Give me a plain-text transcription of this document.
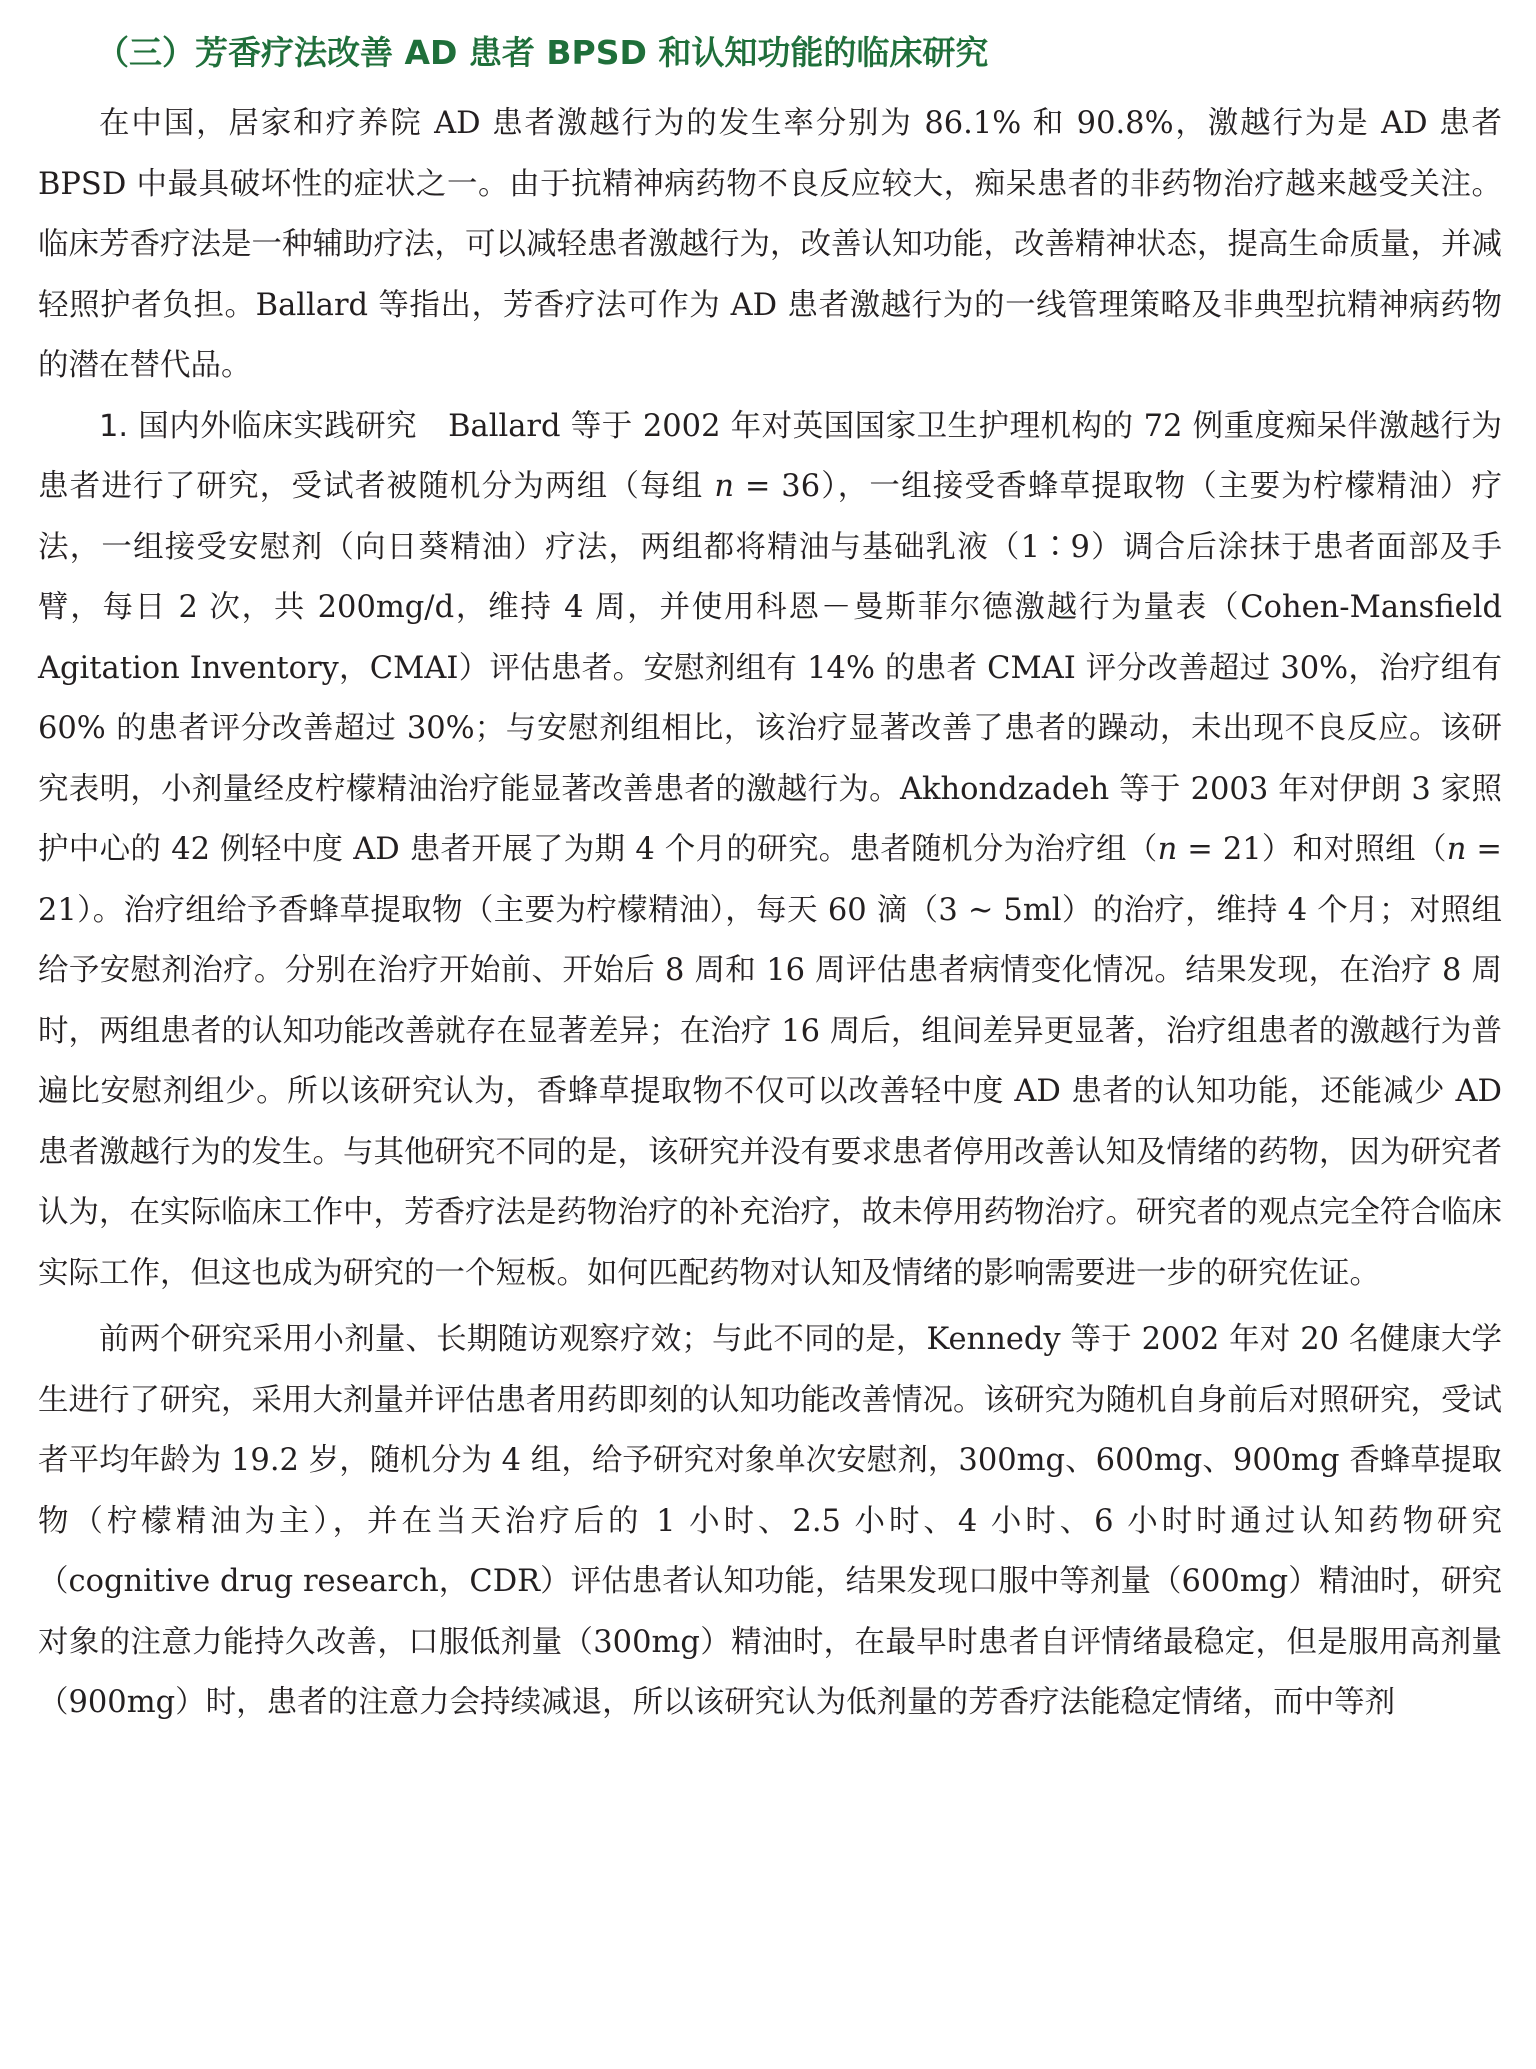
（三）芳香疗法改善 AD 患者 BPSD 和认知功能的临床研究

在中国，居家和疗养院 AD 患者激越行为的发生率分别为 86.1% 和 90.8%，激越行为是 AD 患者 BPSD 中最具破坏性的症状之一。由于抗精神病药物不良反应较大，痴呆患者的非药物治疗越来越受关注。临床芳香疗法是一种辅助疗法，可以减轻患者激越行为，改善认知功能，改善精神状态，提高生命质量，并减轻照护者负担。Ballard 等指出，芳香疗法可作为 AD 患者激越行为的一线管理策略及非典型抗精神病药物的潜在替代品。

1. 国内外临床实践研究　Ballard 等于 2002 年对英国国家卫生护理机构的 72 例重度痴呆伴激越行为患者进行了研究，受试者被随机分为两组（每组 n = 36），一组接受香蜂草提取物（主要为柠檬精油）疗法，一组接受安慰剂（向日葵精油）疗法，两组都将精油与基础乳液（1∶9）调合后涂抹于患者面部及手臂，每日 2 次，共 200mg/d，维持 4 周，并使用科恩－曼斯菲尔德激越行为量表（Cohen-Mansfield Agitation Inventory，CMAI）评估患者。安慰剂组有 14% 的患者 CMAI 评分改善超过 30%，治疗组有 60% 的患者评分改善超过 30%；与安慰剂组相比，该治疗显著改善了患者的躁动，未出现不良反应。该研究表明，小剂量经皮柠檬精油治疗能显著改善患者的激越行为。Akhondzadeh 等于 2003 年对伊朗 3 家照护中心的 42 例轻中度 AD 患者开展了为期 4 个月的研究。患者随机分为治疗组（n = 21）和对照组（n = 21）。治疗组给予香蜂草提取物（主要为柠檬精油），每天 60 滴（3 ~ 5ml）的治疗，维持 4 个月；对照组给予安慰剂治疗。分别在治疗开始前、开始后 8 周和 16 周评估患者病情变化情况。结果发现，在治疗 8 周时，两组患者的认知功能改善就存在显著差异；在治疗 16 周后，组间差异更显著，治疗组患者的激越行为普遍比安慰剂组少。所以该研究认为，香蜂草提取物不仅可以改善轻中度 AD 患者的认知功能，还能减少 AD 患者激越行为的发生。与其他研究不同的是，该研究并没有要求患者停用改善认知及情绪的药物，因为研究者认为，在实际临床工作中，芳香疗法是药物治疗的补充治疗，故未停用药物治疗。研究者的观点完全符合临床实际工作，但这也成为研究的一个短板。如何匹配药物对认知及情绪的影响需要进一步的研究佐证。

前两个研究采用小剂量、长期随访观察疗效；与此不同的是，Kennedy 等于 2002 年对 20 名健康大学生进行了研究，采用大剂量并评估患者用药即刻的认知功能改善情况。该研究为随机自身前后对照研究，受试者平均年龄为 19.2 岁，随机分为 4 组，给予研究对象单次安慰剂，300mg、600mg、900mg 香蜂草提取物（柠檬精油为主），并在当天治疗后的 1 小时、2.5 小时、4 小时、6 小时时通过认知药物研究（cognitive drug research，CDR）评估患者认知功能，结果发现口服中等剂量（600mg）精油时，研究对象的注意力能持久改善，口服低剂量（300mg）精油时，在最早时患者自评情绪最稳定，但是服用高剂量（900mg）时，患者的注意力会持续减退，所以该研究认为低剂量的芳香疗法能稳定情绪，而中等剂
